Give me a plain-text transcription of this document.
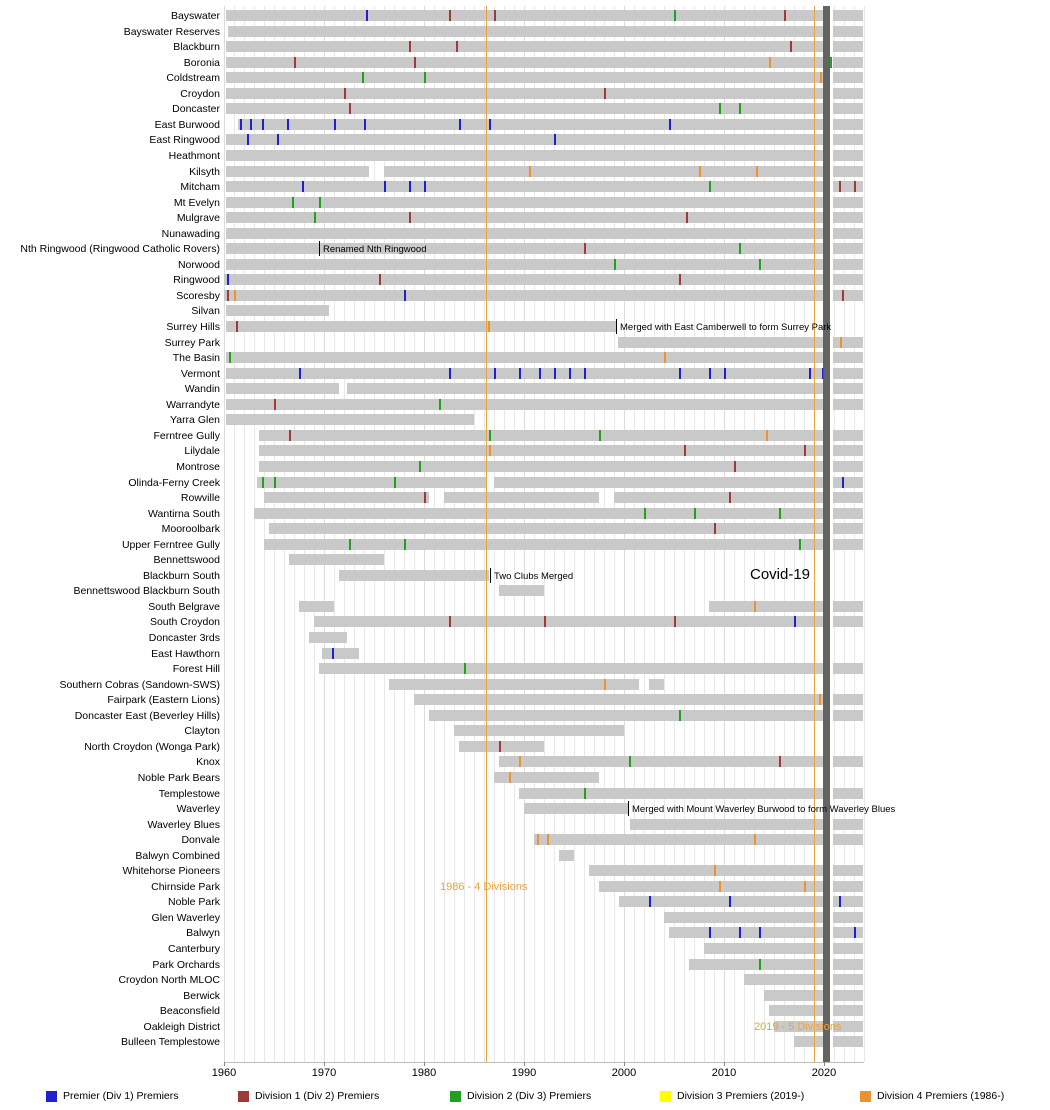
Bayswater
Bayswater Reserves
Blackburn
Boronia
Coldstream
Croydon
Doncaster
East Burwood
East Ringwood
Heathmont
Kilsyth
Mitcham
Mt Evelyn
Mulgrave
Nunawading
Nth Ringwood (Ringwood Catholic Rovers)
Norwood
Ringwood
Scoresby
Silvan
Surrey Hills
Surrey Park
The Basin
Vermont
Wandin
Warrandyte
Yarra Glen
Ferntree Gully
Lilydale
Montrose
Olinda-Ferny Creek
Rowville
Wantirna South
Mooroolbark
Upper Ferntree Gully
Bennettswood
Blackburn South
Bennettswood Blackburn South
South Belgrave
South Croydon
Doncaster 3rds
East Hawthorn
Forest Hill
Southern Cobras (Sandown-SWS)
Fairpark (Eastern Lions)
Doncaster East (Beverley Hills)
Clayton
North Croydon (Wonga Park)
Knox
Noble Park Bears
Templestowe
Waverley
Waverley Blues
Donvale
Balwyn Combined
Whitehorse Pioneers
Chirnside Park
Noble Park
Glen Waverley
Balwyn
Canterbury
Park Orchards
Croydon North MLOC
Berwick
Beaconsfield
Oakleigh District
Bulleen Templestowe
Renamed Nth Ringwood
Merged with East Camberwell to form Surrey Park
Two Clubs Merged
Merged with Mount Waverley Burwood to form Waverley Blues
Covid-19
1986 - 4 Divisions
2019 - 5 Divisions
1960	1970	1980	1990	2000	2010	2020
Premier (Div 1) Premiers	Division 1 (Div 2) Premiers	Division 2 (Div 3) Premiers	Division 3 Premiers (2019-)	Division 4 Premiers (1986-)
